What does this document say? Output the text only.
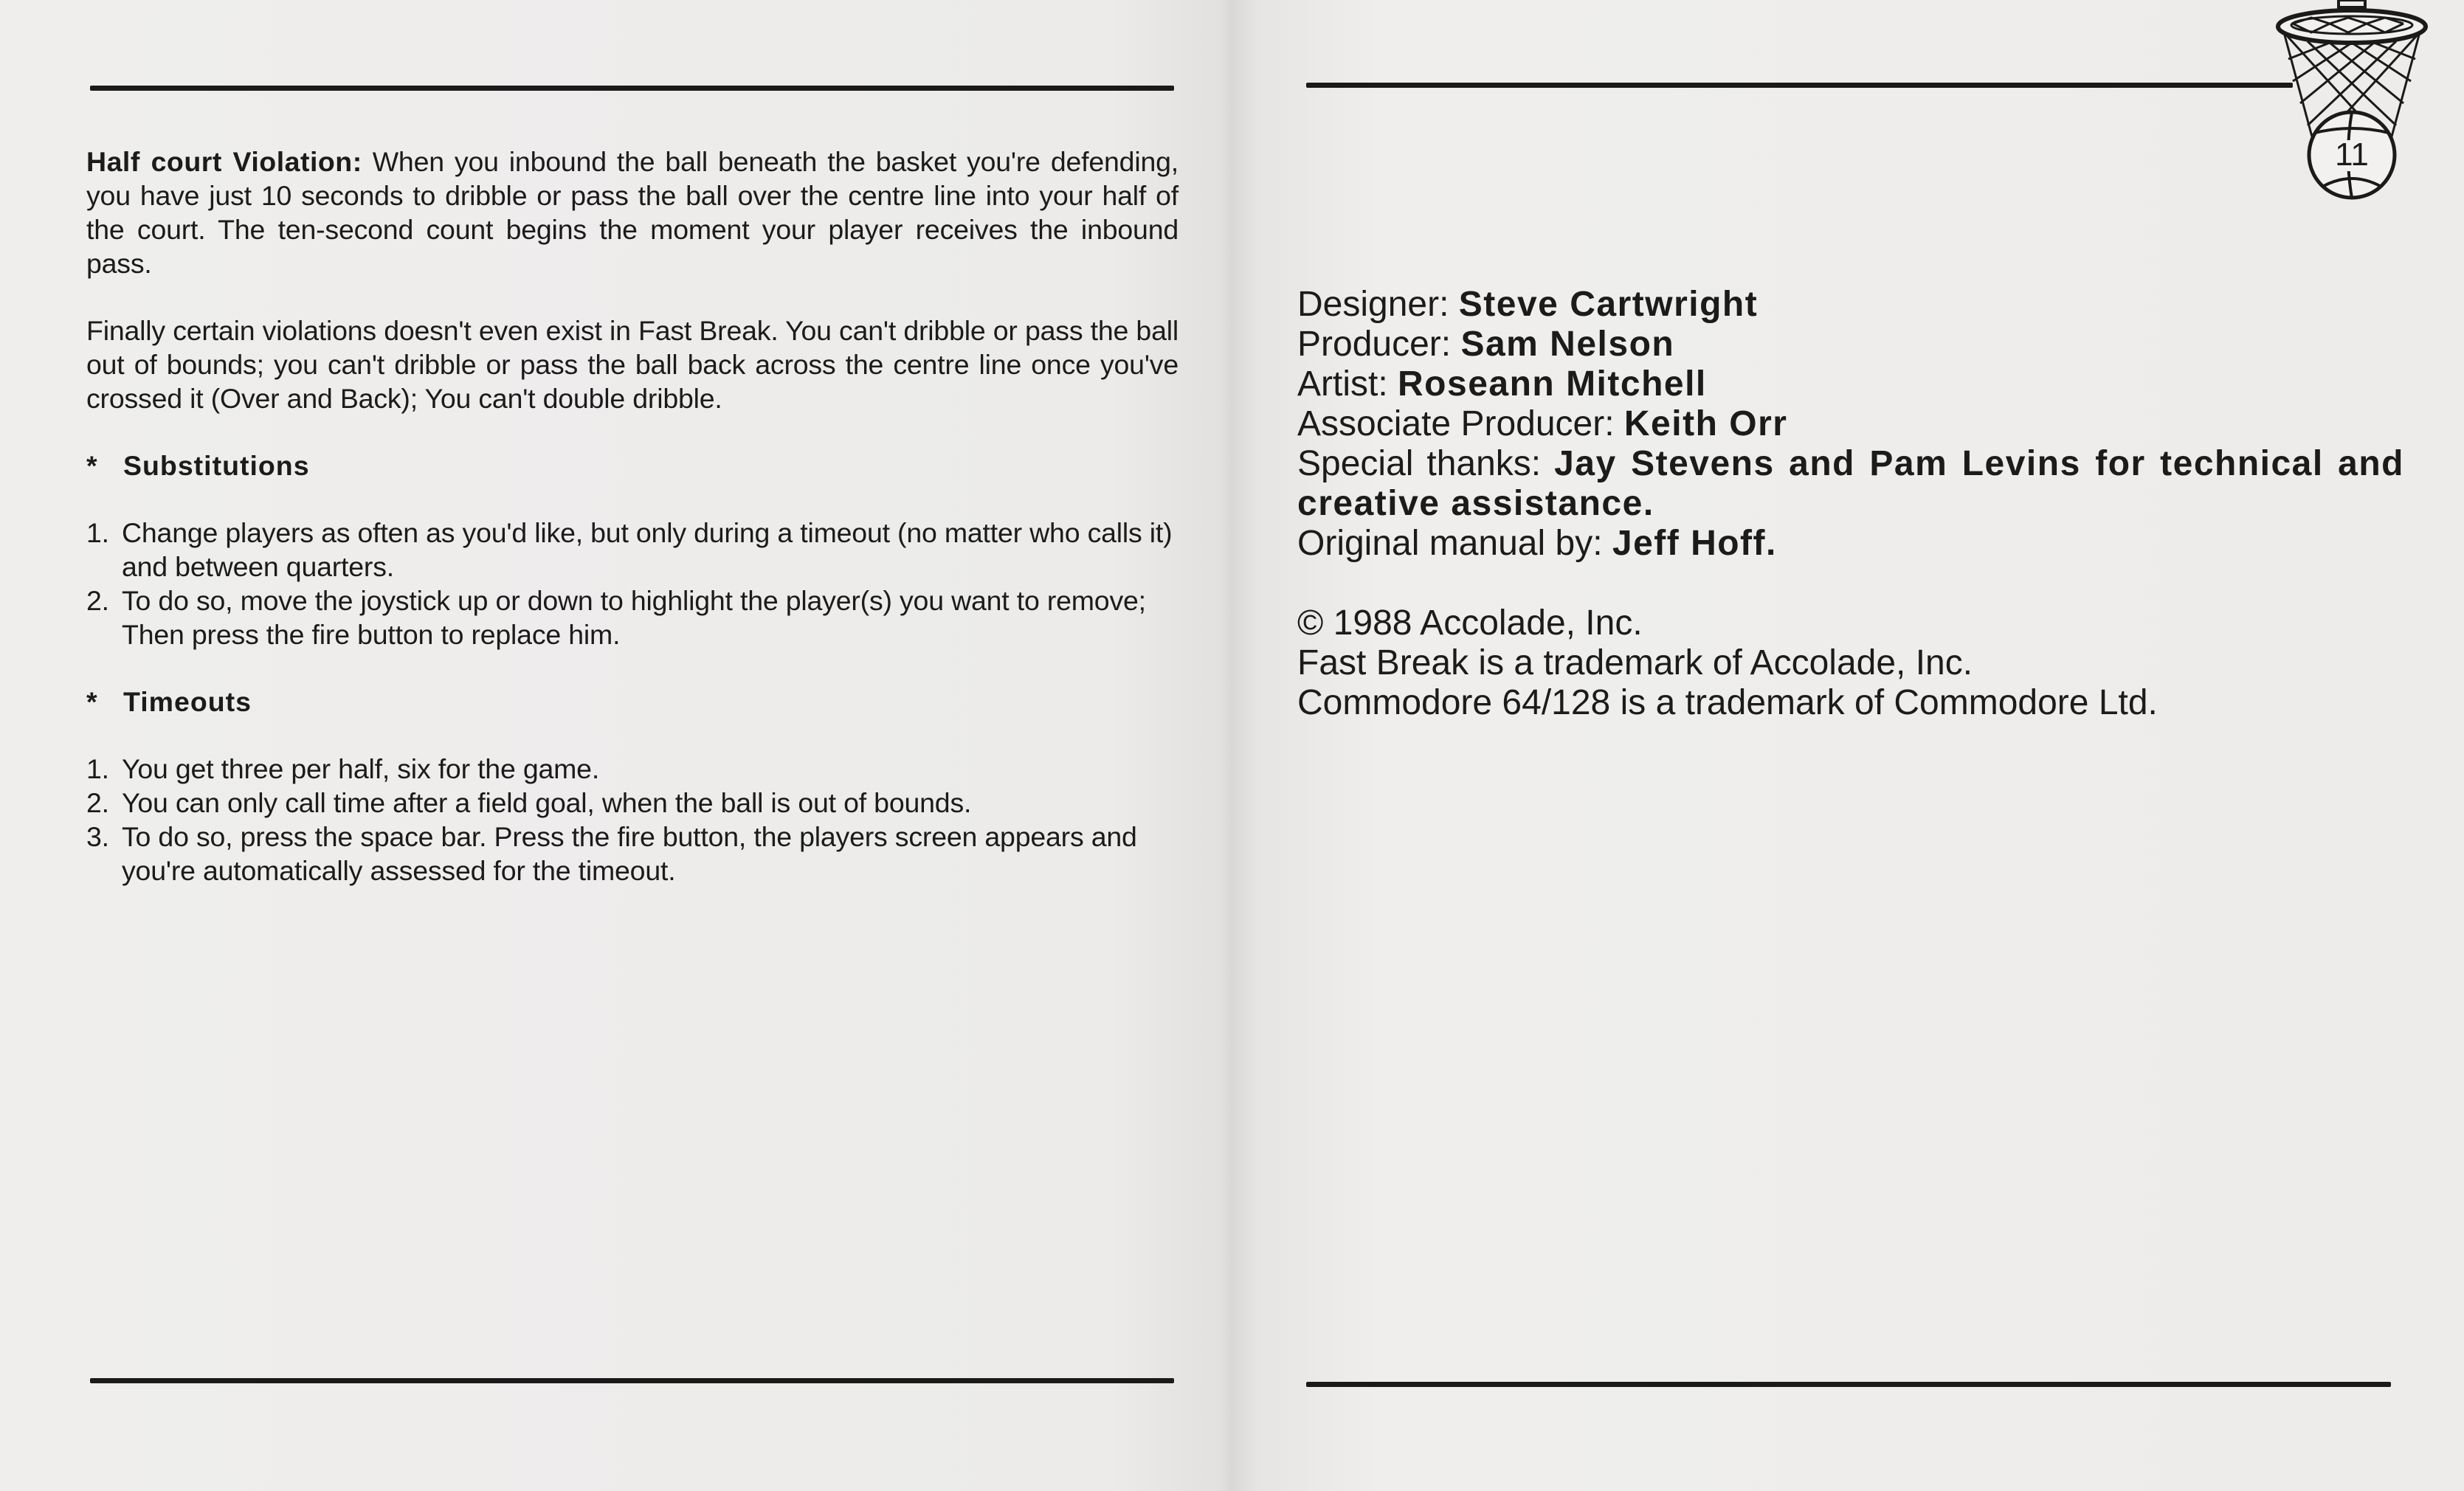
Half court Violation: When you inbound the ball beneath the basket you're defending, you have just 10 seconds to dribble or pass the ball over the centre line into your half of the court. The ten-second count begins the moment your player receives the inbound pass.

Finally certain violations doesn't even exist in Fast Break. You can't dribble or pass the ball out of bounds; you can't dribble or pass the ball back across the centre line once you've crossed it (Over and Back); You can't double dribble.

* Substitutions

1. Change players as often as you'd like, but only during a timeout (no matter who calls it) and between quarters.
2. To do so, move the joystick up or down to highlight the player(s) you want to remove; Then press the fire button to replace him.

* Timeouts

1. You get three per half, six for the game.
2. You can only call time after a field goal, when the ball is out of bounds.
3. To do so, press the space bar. Press the fire button, the players screen appears and you're automatically assessed for the timeout.
11

Designer: Steve Cartwright

Producer: Sam Nelson

Artist: Roseann Mitchell

Associate Producer: Keith Orr

Special thanks: Jay Stevens and Pam Levins for technical and creative assistance.

Original manual by: Jeff Hoff.

© 1988 Accolade, Inc.

Fast Break is a trademark of Accolade, Inc.

Commodore 64/128 is a trademark of Commodore Ltd.
